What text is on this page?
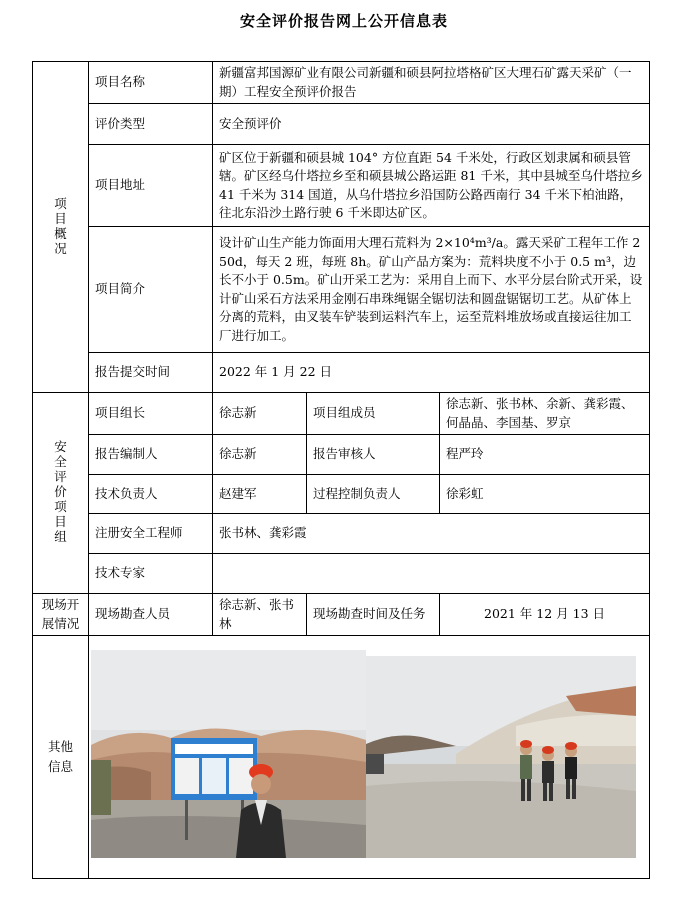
安全评价报告网上公开信息表
项目概况	项目名称	新疆富邦国源矿业有限公司新疆和硕县阿拉塔格矿区大理石矿露天采矿（一期）工程安全预评价报告		
	评价类型	安全预评价		
	项目地址	矿区位于新疆和硕县城 104° 方位直距 54 千米处，行政区划隶属和硕县管辖。矿区经乌什塔拉乡至和硕县城公路运距 81 千米，其中县城至乌什塔拉乡 41 千米为 314 国道，从乌什塔拉乡沿国防公路西南行 34 千米下柏油路，往北东沿沙土路行驶 6 千米即达矿区。		
	项目简介	设计矿山生产能力饰面用大理石荒料为 2×10⁴m³/a。露天采矿工程年工作 250d，每天 2 班，每班 8h。矿山产品方案为：荒料块度不小于 0.5 m³，边长不小于 0.5m。矿山开采工艺为：采用自上而下、水平分层台阶式开采，设计矿山采石方法采用金刚石串珠绳锯全锯切法和圆盘锯锯切工艺。从矿体上分离的荒料，由叉装车铲装到运料汽车上，运至荒料堆放场或直接运往加工厂进行加工。		
	报告提交时间	2022 年 1 月 22 日		
安全评价项目组	项目组长	徐志新	项目组成员	徐志新、张书林、余新、龚彩霞、何晶晶、李国基、罗京
	报告编制人	徐志新	报告审核人	程严玲
	技术负责人	赵建军	过程控制负责人	徐彩虹
	注册安全工程师	张书林、龚彩霞		
	技术专家			
现场开展情况	现场勘查人员	徐志新、张书林	现场勘查时间及任务	2021 年 12 月 13 日
其他信息	
